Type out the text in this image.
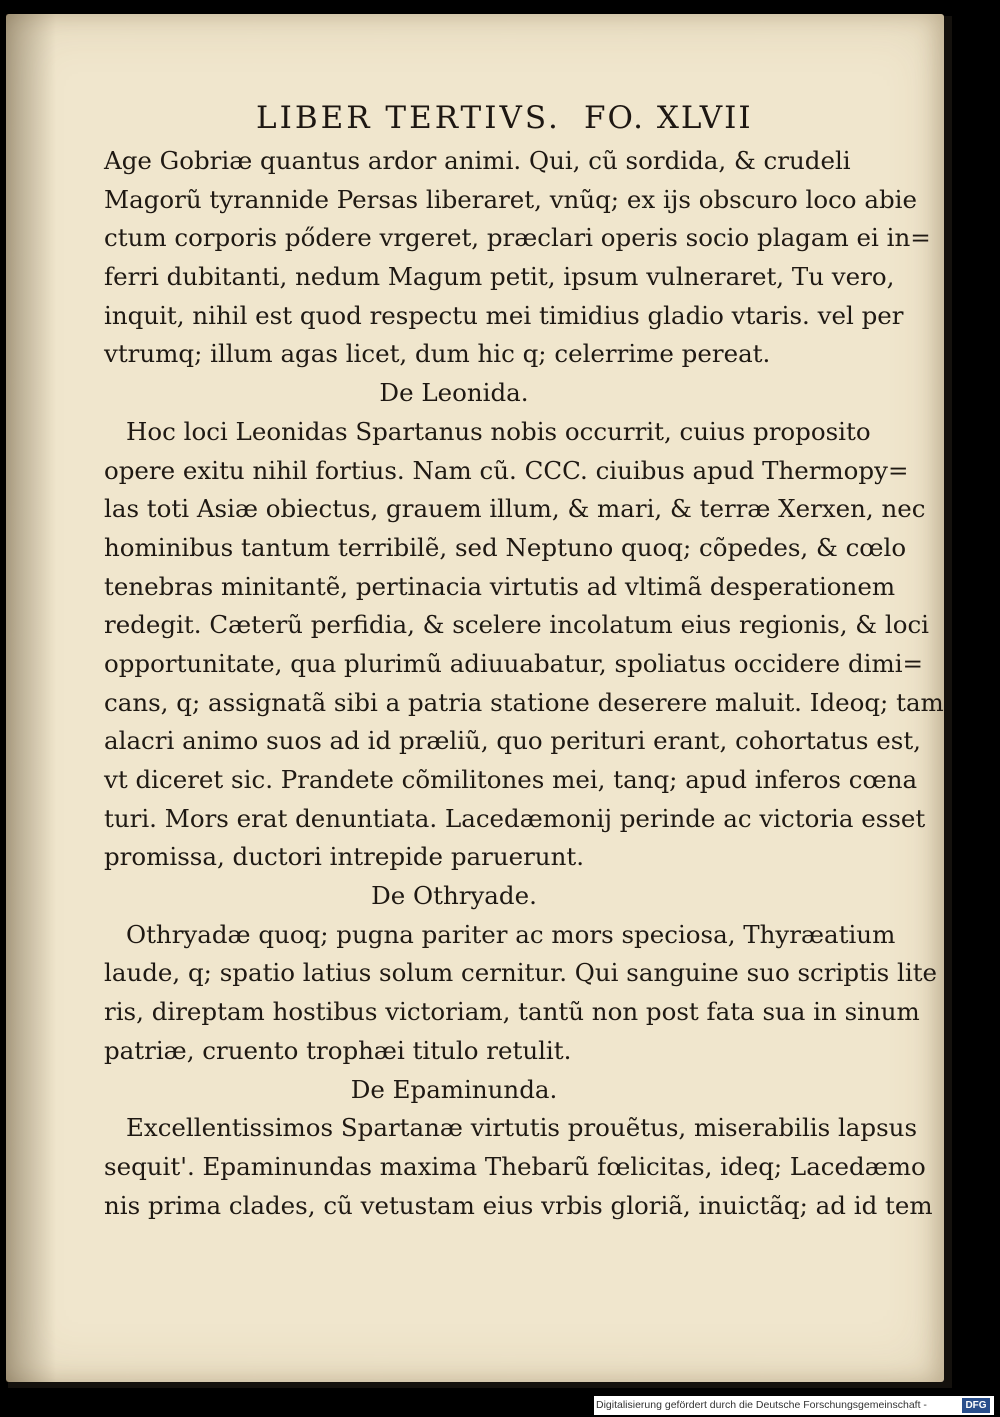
LIBER TERTIVS. FO. XLVII
Age Gobriæ quantus ardor animi. Qui, cũ sordida, & crudeli
Magorũ tyrannide Persas liberaret, vnũq; ex ijs obscuro loco abie
ctum corporis pődere vrgeret, præclari operis socio plagam ei in=
ferri dubitanti, nedum Magum petit, ipsum vulneraret, Tu vero,
inquit, nihil est quod respectu mei timidius gladio vtaris. vel per
vtrumq; illum agas licet, dum hic q; celerrime pereat.
De Leonida.
Hoc loci Leonidas Spartanus nobis occurrit, cuius proposito
opere exitu nihil fortius. Nam cũ. CCC. ciuibus apud Thermopy=
las toti Asiæ obiectus, grauem illum, & mari, & terræ Xerxen, nec
hominibus tantum terribilẽ, sed Neptuno quoq; cõpedes, & cœlo
tenebras minitantẽ, pertinacia virtutis ad vltimã desperationem
redegit. Cæterũ perfidia, & scelere incolatum eius regionis, & loci
opportunitate, qua plurimũ adiuuabatur, spoliatus occidere dimi=
cans, q; assignatã sibi a patria statione deserere maluit. Ideoq; tam
alacri animo suos ad id præliũ, quo perituri erant, cohortatus est,
vt diceret sic. Prandete cõmilitones mei, tanq; apud inferos cœna
turi. Mors erat denuntiata. Lacedæmonij perinde ac victoria esset
promissa, ductori intrepide paruerunt.
De Othryade.
Othryadæ quoq; pugna pariter ac mors speciosa, Thyræatium
laude, q; spatio latius solum cernitur. Qui sanguine suo scriptis lite
ris, direptam hostibus victoriam, tantũ non post fata sua in sinum
patriæ, cruento trophæi titulo retulit.
De Epaminunda.
Excellentissimos Spartanæ virtutis prouẽtus, miserabilis lapsus
sequit'. Epaminundas maxima Thebarũ fœlicitas, ideq; Lacedæmo
nis prima clades, cũ vetustam eius vrbis gloriã, inuictãq; ad id tem
Digitalisierung gefördert durch die Deutsche Forschungsgemeinschaft -	DFG
